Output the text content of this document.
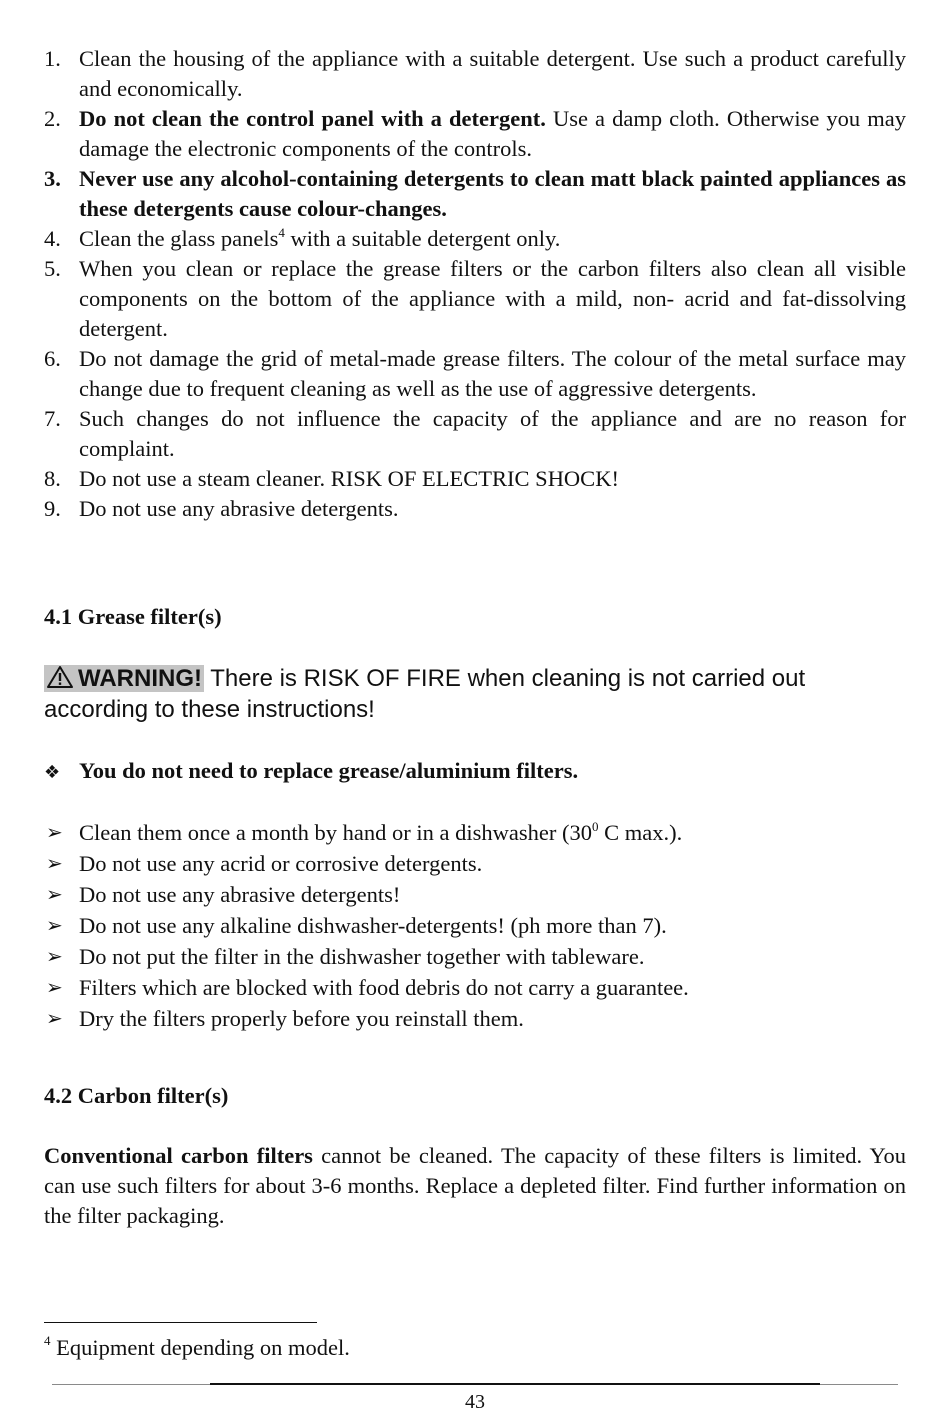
1. Clean the housing of the appliance with a suitable detergent. Use such a product carefully and economically.
2. Do not clean the control panel with a detergent. Use a damp cloth. Otherwise you may damage the electronic components of the controls.
3. Never use any alcohol-containing detergents to clean matt black painted appliances as these detergents cause colour-changes.
4. Clean the glass panels$^4$ with a suitable detergent only.
5. When you clean or replace the grease filters or the carbon filters also clean all visible components on the bottom of the appliance with a mild, non- acrid and fat-dissolving detergent.
6. Do not damage the grid of metal-made grease filters. The colour of the metal surface may change due to frequent cleaning as well as the use of aggressive detergents.
7. Such changes do not influence the capacity of the appliance and are no reason for complaint.
8. Do not use a steam cleaner. RISK OF ELECTRIC SHOCK!
9. Do not use any abrasive detergents.
4.1 Grease filter(s)
WARNING! There is RISK OF FIRE when cleaning is not carried out according to these instructions!
❖ You do not need to replace grease/aluminium filters.
➢ Clean them once a month by hand or in a dishwasher ($30^0$ C max.).
➢ Do not use any acrid or corrosive detergents.
➢ Do not use any abrasive detergents!
➢ Do not use any alkaline dishwasher-detergents! (ph more than 7).
➢ Do not put the filter in the dishwasher together with tableware.
➢ Filters which are blocked with food debris do not carry a guarantee.
➢ Dry the filters properly before you reinstall them.
4.2 Carbon filter(s)
Conventional carbon filters cannot be cleaned. The capacity of these filters is limited. You can use such filters for about 3-6 months. Replace a depleted filter. Find further information on the filter packaging.
$^4$ Equipment depending on model.
43
